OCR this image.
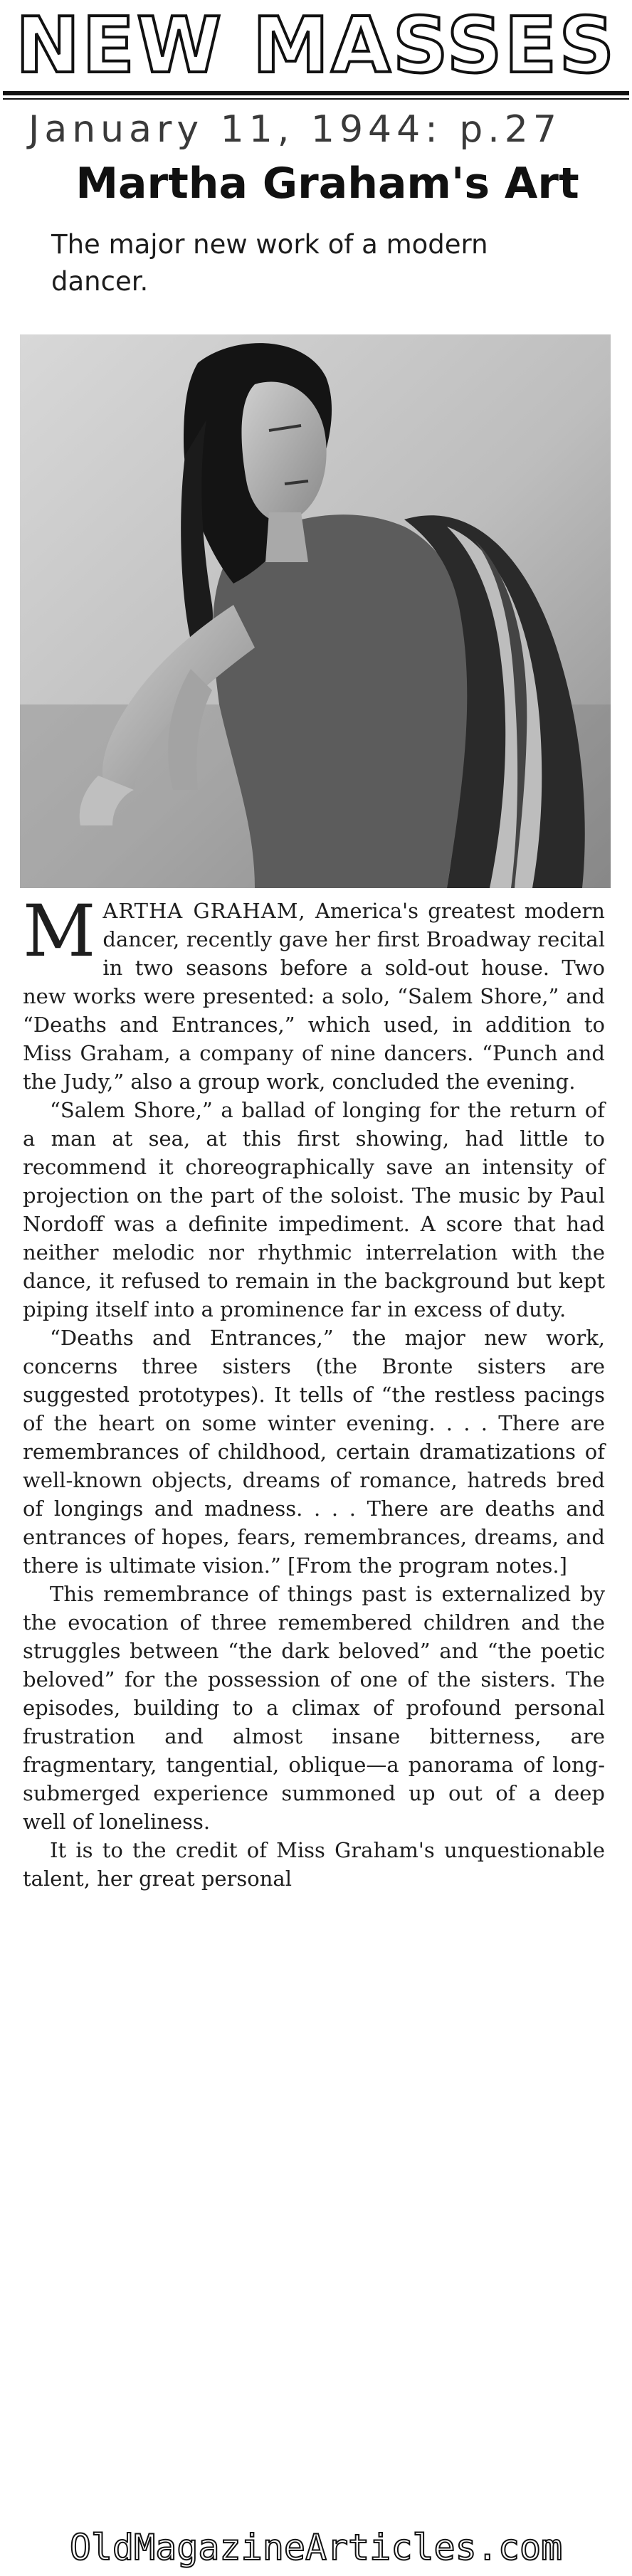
NEW MASSES
January 11, 1944: p.27
Martha Graham's Art
The major new work of a modern dancer.

MARTHA GRAHAM, America's greatest modern dancer, recently gave her first Broadway recital in two seasons before a sold-out house. Two new works were presented: a solo, “Salem Shore,” and “Deaths and Entrances,” which used, in addition to Miss Graham, a company of nine dancers. “Punch and the Judy,” also a group work, concluded the evening.

“Salem Shore,” a ballad of longing for the return of a man at sea, at this first showing, had little to recommend it choreographically save an intensity of projection on the part of the soloist. The music by Paul Nordoff was a definite impediment. A score that had neither melodic nor rhythmic interrelation with the dance, it refused to remain in the background but kept piping itself into a prominence far in excess of duty.

“Deaths and Entrances,” the major new work, concerns three sisters (the Bronte sisters are suggested prototypes). It tells of “the restless pacings of the heart on some winter evening. . . . There are remembrances of childhood, certain dramatizations of well-known objects, dreams of romance, hatreds bred of longings and madness. . . . There are deaths and entrances of hopes, fears, remembrances, dreams, and there is ultimate vision.” [From the program notes.]

This remembrance of things past is externalized by the evocation of three remembered children and the struggles between “the dark beloved” and “the poetic beloved” for the possession of one of the sisters. The episodes, building to a climax of profound personal frustration and almost insane bitterness, are fragmentary, tangential, oblique—a panorama of long-submerged experience summoned up out of a deep well of loneliness.

It is to the credit of Miss Graham's unquestionable talent, her great personal

OldMagazineArticles.com
